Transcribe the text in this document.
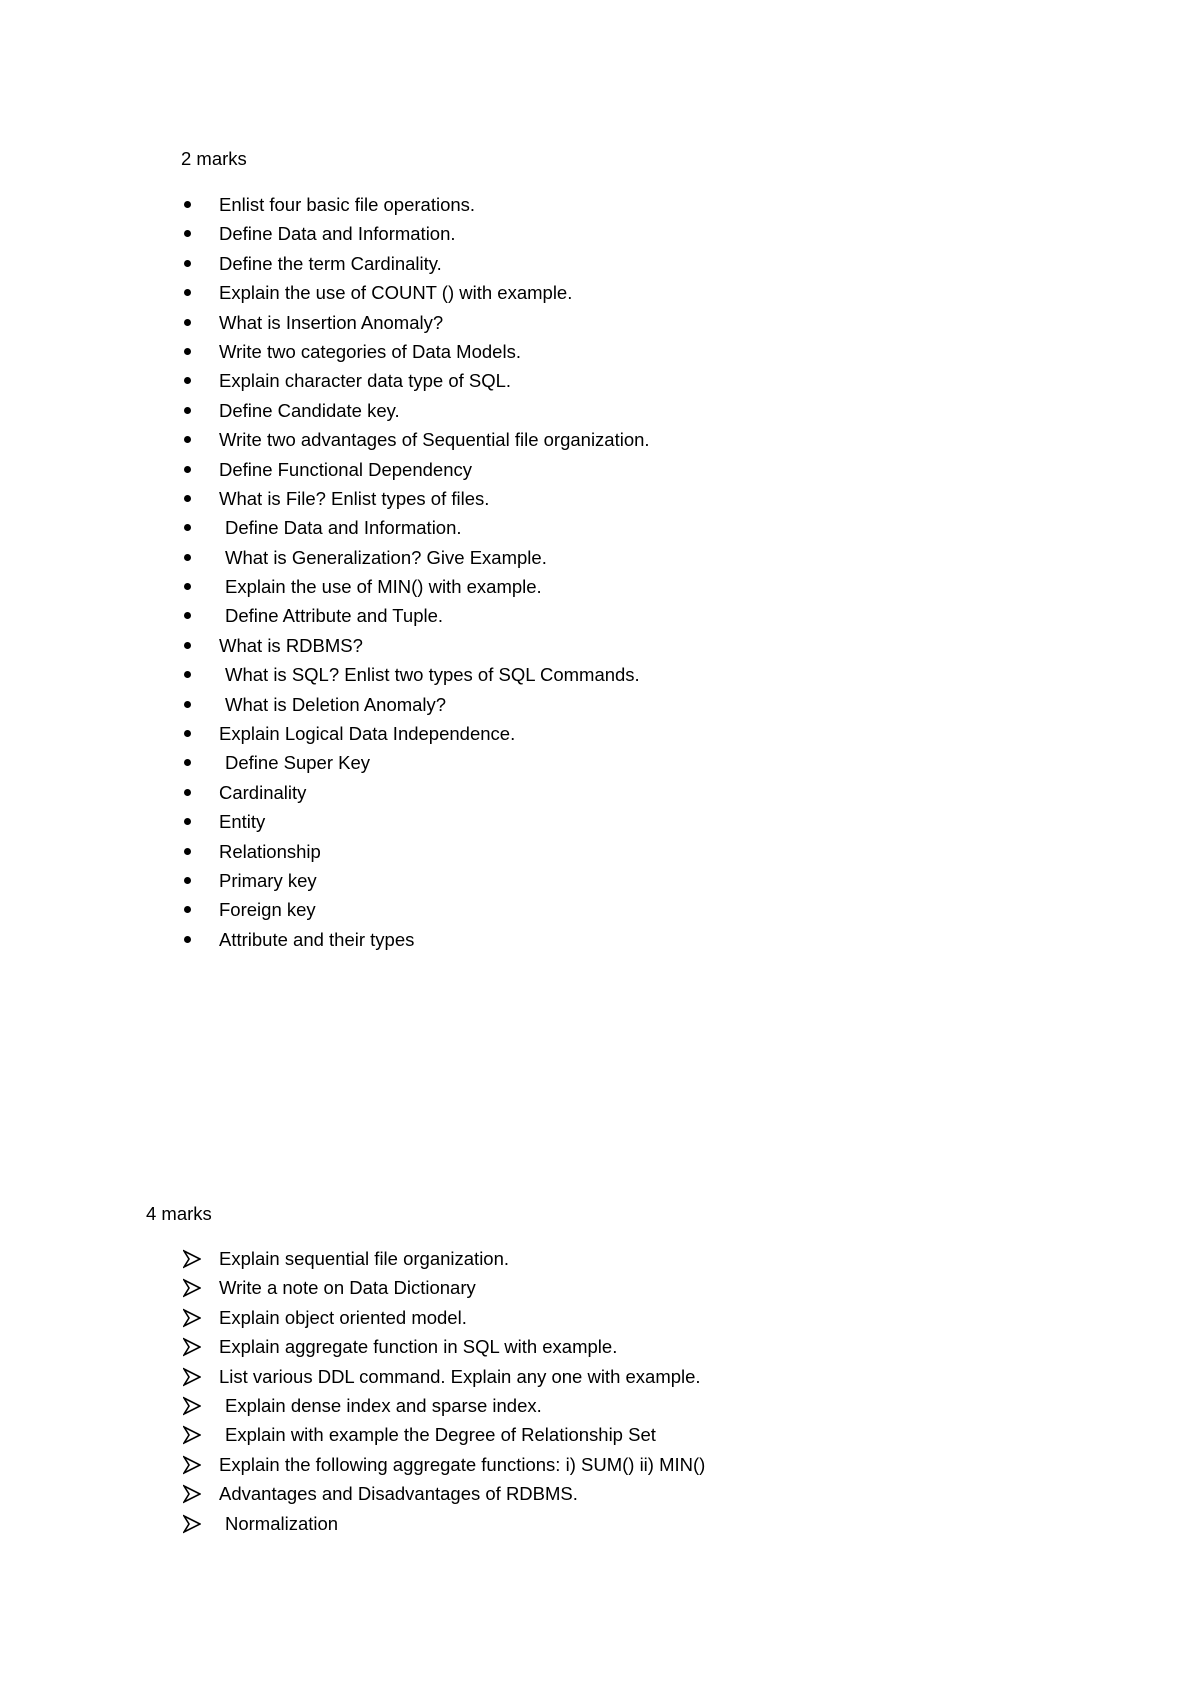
2 marks
Enlist four basic file operations.
Define Data and Information.
Define the term Cardinality.
Explain the use of COUNT () with example.
What is Insertion Anomaly?
Write two categories of Data Models.
Explain character data type of SQL.
Define Candidate key.
Write two advantages of Sequential file organization.
Define Functional Dependency
What is File? Enlist types of files.
Define Data and Information.
What is Generalization? Give Example.
Explain the use of MIN() with example.
Define Attribute and Tuple.
What is RDBMS?
What is SQL? Enlist two types of SQL Commands.
What is Deletion Anomaly?
Explain Logical Data Independence.
Define Super Key
Cardinality
Entity
Relationship
Primary key
Foreign key
Attribute and their types
4 marks
Explain sequential file organization.
Write a note on Data Dictionary
Explain object oriented model.
Explain aggregate function in SQL with example.
List various DDL command. Explain any one with example.
Explain dense index and sparse index.
Explain with example the Degree of Relationship Set
Explain the following aggregate functions: i) SUM() ii) MIN()
Advantages and Disadvantages of RDBMS.
Normalization
